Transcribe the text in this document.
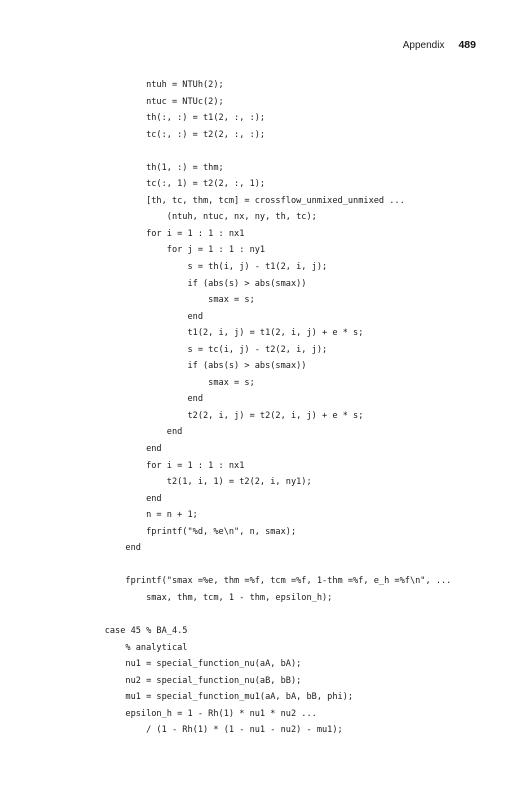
Appendix 489
ntuh = NTUh(2);
ntuc = NTUc(2);
th(:, :) = t1(2, :, :);
tc(:, :) = t2(2, :, :);
th(1, :) = thm;
tc(:, 1) = t2(2, :, 1);
[th, tc, thm, tcm] = crossflow_unmixed_unmixed ...
(ntuh, ntuc, nx, ny, th, tc);
for i = 1 : 1 : nx1
for j = 1 : 1 : ny1
s = th(i, j) - t1(2, i, j);
if (abs(s) > abs(smax))
smax = s;
end
t1(2, i, j) = t1(2, i, j) + e * s;
s = tc(i, j) - t2(2, i, j);
if (abs(s) > abs(smax))
smax = s;
end
t2(2, i, j) = t2(2, i, j) + e * s;
end
end
for i = 1 : 1 : nx1
t2(1, i, 1) = t2(2, i, ny1);
end
n = n + 1;
fprintf("%d, %e\n", n, smax);
end
fprintf("smax =%e, thm =%f, tcm =%f, 1-thm =%f, e_h =%f\n", ...
smax, thm, tcm, 1 - thm, epsilon_h);
case 45 % BA_4.5
% analytical
nu1 = special_function_nu(aA, bA);
nu2 = special_function_nu(aB, bB);
mu1 = special_function_mu1(aA, bA, bB, phi);
epsilon_h = 1 - Rh(1) * nu1 * nu2 ...
/ (1 - Rh(1) * (1 - nu1 - nu2) - mu1);
